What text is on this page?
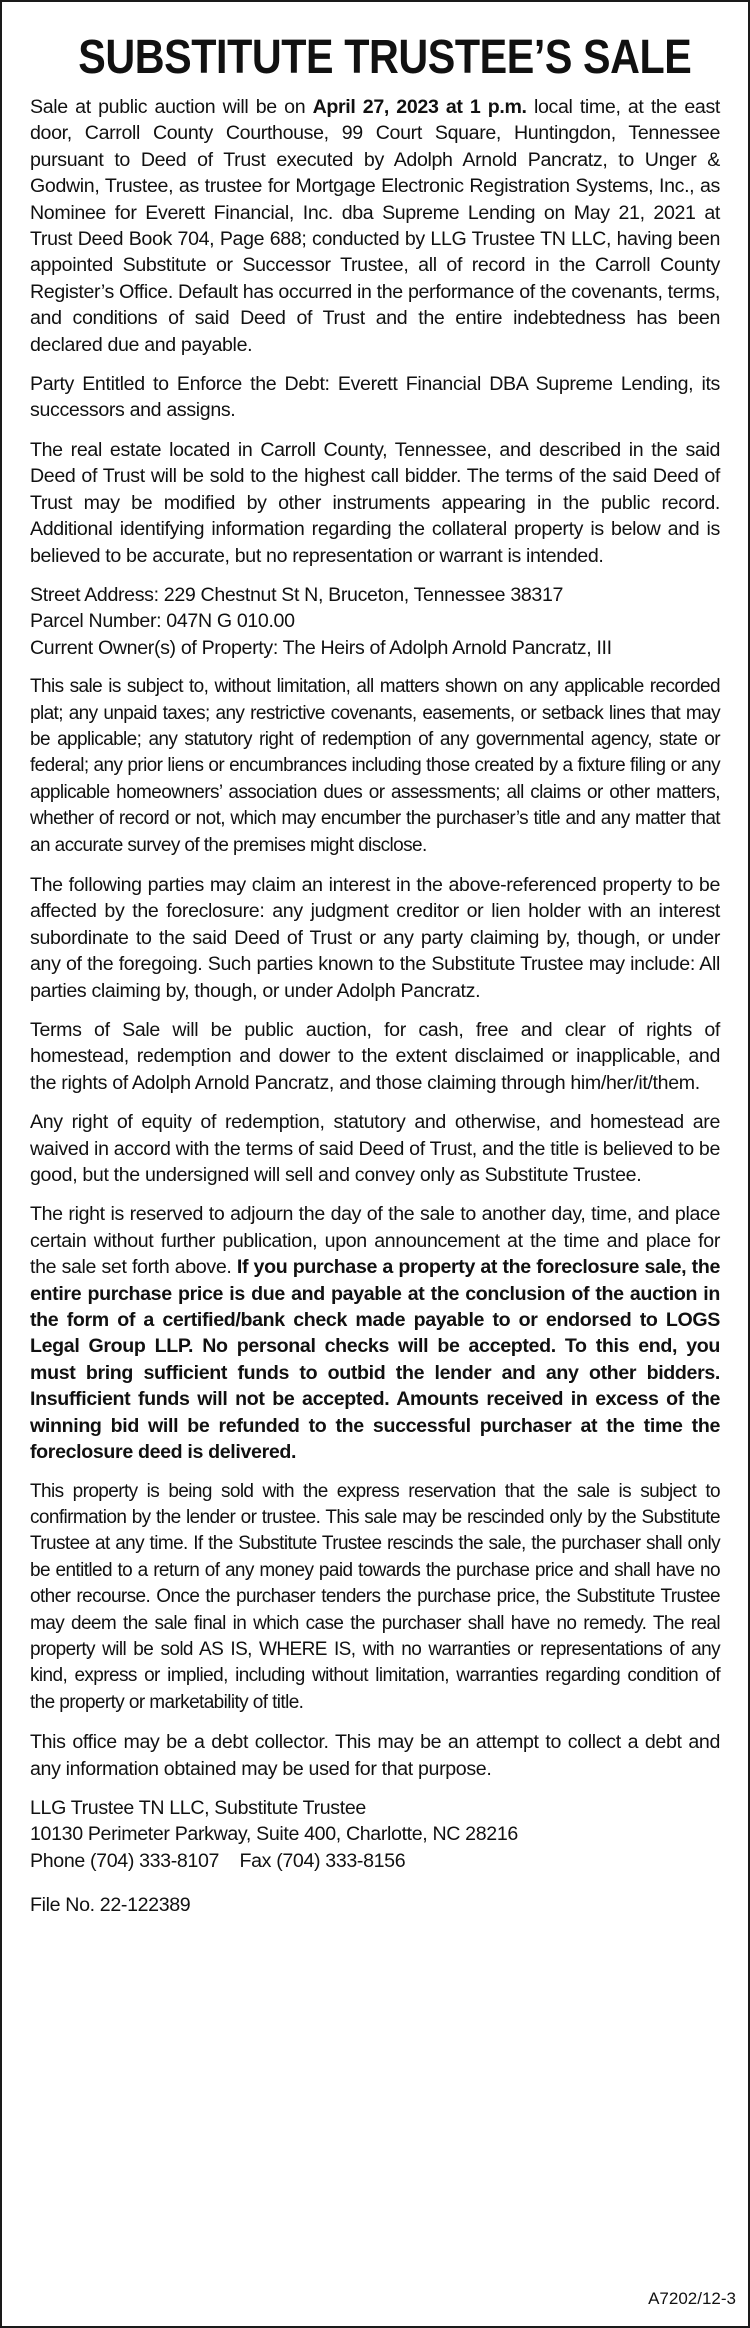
SUBSTITUTE TRUSTEE’S SALE

Sale at public auction will be on April 27, 2023 at 1 p.m. local time, at the east door, Carroll County Courthouse, 99 Court Square, Huntingdon, Tennessee pursuant to Deed of Trust executed by Adolph Arnold Pancratz, to Unger & Godwin, Trustee, as trustee for Mortgage Electronic Registration Systems, Inc., as Nominee for Everett Financial, Inc. dba Supreme Lending on May 21, 2021 at Trust Deed Book 704, Page 688; conducted by LLG Trustee TN LLC, having been appointed Substitute or Successor Trustee, all of record in the Carroll County Register’s Office. Default has occurred in the performance of the covenants, terms, and conditions of said Deed of Trust and the entire indebtedness has been declared due and payable.

Party Entitled to Enforce the Debt: Everett Financial DBA Supreme Lending, its successors and assigns.

The real estate located in Carroll County, Tennessee, and described in the said Deed of Trust will be sold to the highest call bidder. The terms of the said Deed of Trust may be modified by other instruments appearing in the public record. Additional identifying information regarding the collateral property is below and is believed to be accurate, but no representation or warrant is intended.

Street Address: 229 Chestnut St N, Bruceton, Tennessee 38317
Parcel Number: 047N G 010.00
Current Owner(s) of Property: The Heirs of Adolph Arnold Pancratz, III

This sale is subject to, without limitation, all matters shown on any applicable recorded plat; any unpaid taxes; any restrictive covenants, easements, or setback lines that may be applicable; any statutory right of redemption of any governmental agency, state or federal; any prior liens or encumbrances including those created by a fixture filing or any applicable homeowners’ association dues or assessments; all claims or other matters, whether of record or not, which may encumber the purchaser’s title and any matter that an accurate survey of the premises might disclose.

The following parties may claim an interest in the above-referenced property to be affected by the foreclosure: any judgment creditor or lien holder with an interest subordinate to the said Deed of Trust or any party claiming by, though, or under any of the foregoing. Such parties known to the Substitute Trustee may include: All parties claiming by, though, or under Adolph Pancratz.

Terms of Sale will be public auction, for cash, free and clear of rights of homestead, redemption and dower to the extent disclaimed or inapplicable, and the rights of Adolph Arnold Pancratz, and those claiming through him/her/it/them.

Any right of equity of redemption, statutory and otherwise, and homestead are waived in accord with the terms of said Deed of Trust, and the title is believed to be good, but the undersigned will sell and convey only as Substitute Trustee.

The right is reserved to adjourn the day of the sale to another day, time, and place certain without further publication, upon announcement at the time and place for the sale set forth above. If you purchase a property at the foreclosure sale, the entire purchase price is due and payable at the conclusion of the auction in the form of a certified/bank check made payable to or endorsed to LOGS Legal Group LLP. No personal checks will be accepted. To this end, you must bring sufficient funds to outbid the lender and any other bidders. Insufficient funds will not be accepted. Amounts received in excess of the winning bid will be refunded to the successful purchaser at the time the foreclosure deed is delivered.

This property is being sold with the express reservation that the sale is subject to confirmation by the lender or trustee. This sale may be rescinded only by the Substitute Trustee at any time. If the Substitute Trustee rescinds the sale, the purchaser shall only be entitled to a return of any money paid towards the purchase price and shall have no other recourse. Once the purchaser tenders the purchase price, the Substitute Trustee may deem the sale final in which case the purchaser shall have no remedy. The real property will be sold AS IS, WHERE IS, with no warranties or representations of any kind, express or implied, including without limitation, warranties regarding condition of the property or marketability of title.

This office may be a debt collector. This may be an attempt to collect a debt and any information obtained may be used for that purpose.

LLG Trustee TN LLC, Substitute Trustee
10130 Perimeter Parkway, Suite 400, Charlotte, NC 28216
Phone (704) 333-8107 Fax (704) 333-8156

File No. 22-122389

A7202/12-3
